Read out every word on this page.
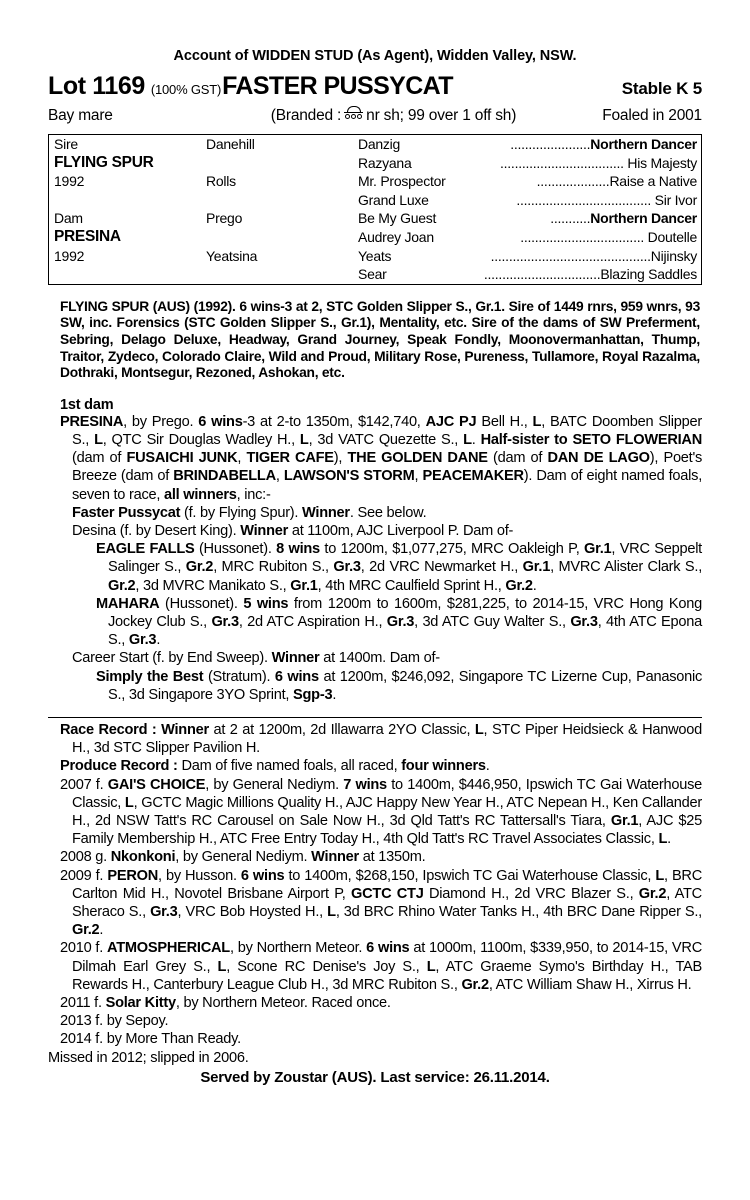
Account of WIDDEN STUD (As Agent), Widden Valley, NSW.
Lot 1169 (100% GST) FASTER PUSSYCAT	Stable K 5
Bay mare	(Branded : nr sh; 99 over 1 off sh)	Foaled in 2001
Sire	Danehill	Danzig ......................Northern Dancer
FLYING SPUR		Razyana .................................. His Majesty
1992	Rolls	Mr. Prospector ....................Raise a Native

		Grand Luxe ..................................... Sir Ivor
Dam	Prego	Be My Guest ...........Northern Dancer
PRESINA		Audrey Joan .................................. Doutelle
1992	Yeatsina	Yeats ............................................Nijinsky

		Sear ................................Blazing Saddles
FLYING SPUR (AUS) (1992). 6 wins-3 at 2, STC Golden Slipper S., Gr.1. Sire of 1449 rnrs, 959 wnrs, 93 SW, inc. Forensics (STC Golden Slipper S., Gr.1), Mentality, etc. Sire of the dams of SW Preferment, Sebring, Delago Deluxe, Headway, Grand Journey, Speak Fondly, Moonovermanhattan, Thump, Traitor, Zydeco, Colorado Claire, Wild and Proud, Military Rose, Pureness, Tullamore, Royal Razalma, Dothraki, Montsegur, Rezoned, Ashokan, etc.
1st dam

PRESINA, by Prego. 6 wins-3 at 2-to 1350m, $142,740, AJC PJ Bell H., L, BATC Doomben Slipper S., L, QTC Sir Douglas Wadley H., L, 3d VATC Quezette S., L. Half-sister to SETO FLOWERIAN (dam of FUSAICHI JUNK, TIGER CAFE), THE GOLDEN DANE (dam of DAN DE LAGO), Poet's Breeze (dam of BRINDABELLA, LAWSON'S STORM, PEACEMAKER). Dam of eight named foals, seven to race, all winners, inc:-

Faster Pussycat (f. by Flying Spur). Winner. See below.

Desina (f. by Desert King). Winner at 1100m, AJC Liverpool P. Dam of-

EAGLE FALLS (Hussonet). 8 wins to 1200m, $1,077,275, MRC Oakleigh P, Gr.1, VRC Seppelt Salinger S., Gr.2, MRC Rubiton S., Gr.3, 2d VRC Newmarket H., Gr.1, MVRC Alister Clark S., Gr.2, 3d MVRC Manikato S., Gr.1, 4th MRC Caulfield Sprint H., Gr.2.

MAHARA (Hussonet). 5 wins from 1200m to 1600m, $281,225, to 2014-15, VRC Hong Kong Jockey Club S., Gr.3, 2d ATC Aspiration H., Gr.3, 3d ATC Guy Walter S., Gr.3, 4th ATC Epona S., Gr.3.

Career Start (f. by End Sweep). Winner at 1400m. Dam of-

Simply the Best (Stratum). 6 wins at 1200m, $246,092, Singapore TC Lizerne Cup, Panasonic S., 3d Singapore 3YO Sprint, Sgp-3.

Race Record : Winner at 2 at 1200m, 2d Illawarra 2YO Classic, L, STC Piper Heidsieck & Hanwood H., 3d STC Slipper Pavilion H.

Produce Record : Dam of five named foals, all raced, four winners.

2007 f. GAI'S CHOICE, by General Nediym. 7 wins to 1400m, $446,950, Ipswich TC Gai Waterhouse Classic, L, GCTC Magic Millions Quality H., AJC Happy New Year H., ATC Nepean H., Ken Callander H., 2d NSW Tatt's RC Carousel on Sale Now H., 3d Qld Tatt's RC Tattersall's Tiara, Gr.1, AJC $25 Family Membership H., ATC Free Entry Today H., 4th Qld Tatt's RC Travel Associates Classic, L.

2008 g. Nkonkoni, by General Nediym. Winner at 1350m.

2009 f. PERON, by Husson. 6 wins to 1400m, $268,150, Ipswich TC Gai Waterhouse Classic, L, BRC Carlton Mid H., Novotel Brisbane Airport P, GCTC CTJ Diamond H., 2d VRC Blazer S., Gr.2, ATC Sheraco S., Gr.3, VRC Bob Hoysted H., L, 3d BRC Rhino Water Tanks H., 4th BRC Dane Ripper S., Gr.2.

2010 f. ATMOSPHERICAL, by Northern Meteor. 6 wins at 1000m, 1100m, $339,950, to 2014-15, VRC Dilmah Earl Grey S., L, Scone RC Denise's Joy S., L, ATC Graeme Symo's Birthday H., TAB Rewards H., Canterbury League Club H., 3d MRC Rubiton S., Gr.2, ATC William Shaw H., Xirrus H.

2011 f. Solar Kitty, by Northern Meteor. Raced once.

2013 f. by Sepoy.

2014 f. by More Than Ready.

Missed in 2012; slipped in 2006.

Served by Zoustar (AUS). Last service: 26.11.2014.
